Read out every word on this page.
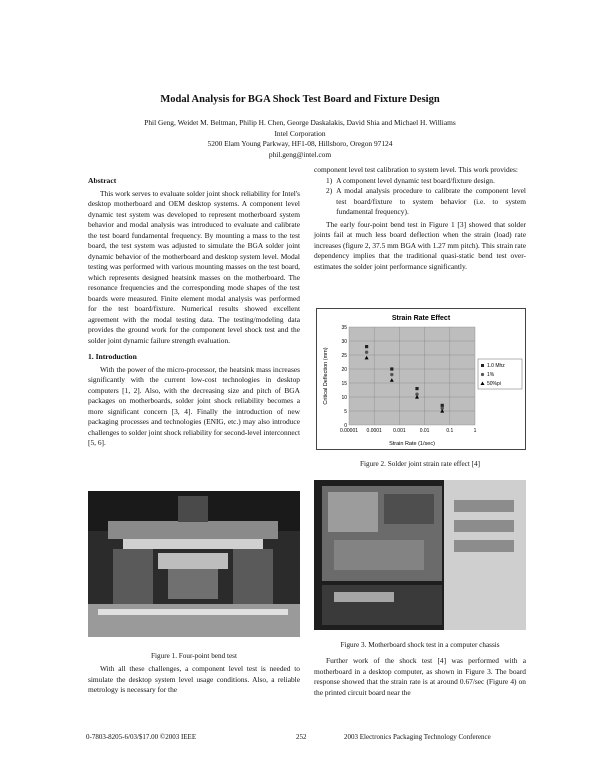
Modal Analysis for BGA Shock Test Board and Fixture Design
Phil Geng, Weidet M. Beltman, Philip H. Chen, George Daskalakis, David Shia and Michael H. Williams
Intel Corporation
5200 Elam Young Parkway, HF1-08, Hillsboro, Oregon 97124
phil.geng@intel.com
Abstract

This work serves to evaluate solder joint shock reliability for Intel's desktop motherboard and OEM desktop systems. A component level dynamic test system was developed to represent motherboard system behavior and modal analysis was introduced to evaluate and calibrate the test board fundamental frequency. By mounting a mass to the test board, the test system was adjusted to simulate the BGA solder joint dynamic behavior of the motherboard and desktop system level. Modal testing was performed with various mounting masses on the test board, which represents designed heatsink masses on the motherboard. The resonance frequencies and the corresponding mode shapes of the test boards were measured. Finite element modal analysis was performed for the test board/fixture. Numerical results showed excellent agreement with the modal testing data. The testing/modeling data provides the ground work for the component level shock test and the solder joint dynamic failure strength evaluation.

1. Introduction

With the power of the micro-processor, the heatsink mass increases significantly with the current low-cost technologies in desktop computers [1, 2]. Also, with the decreasing size and pitch of BGA packages on motherboards, solder joint shock reliability becomes a more significant concern [3, 4]. Finally the introduction of new packaging processes and technologies (ENIG, etc.) may also introduce challenges to solder joint shock reliability for second-level interconnect [5, 6].

Figure 1. Four-point bend test

With all these challenges, a component level test is needed to simulate the desktop system level usage conditions. Also, a reliable metrology is necessary for the

component level test calibration to system level. This work provides:

1) A component level dynamic test board/fixture design.
2) A modal analysis procedure to calibrate the component level test board/fixture to system behavior (i.e. to system fundamental frequency).

The early four-point bend test in Figure 1 [3] showed that solder joints fail at much less board deflection when the strain (load) rate increases (figure 2, 37.5 mm BGA with 1.27 mm pitch). This strain rate dependency implies that the traditional quasi-static bend test over-estimates the solder joint performance significantly.

Strain Rate Effect
0
5
10
15
20
25
30
35
0.00001 0.0001 0.001	0.01	0.1	1
Critical Deflection (mm)
Strain Rate (1/sec)
1.0 Mhz
1%
50%pi
Figure 2. Solder joint strain rate effect [4]
Figure 3. Motherboard shock test in a computer chassis

Further work of the shock test [4] was performed with a motherboard in a desktop computer, as shown in Figure 3. The board response showed that the strain rate is at around 0.67/sec (Figure 4) on the printed circuit board near the

0-7803-8205-6/03/$17.00 ©2003 IEEE	252	2003 Electronics Packaging Technology Conference
